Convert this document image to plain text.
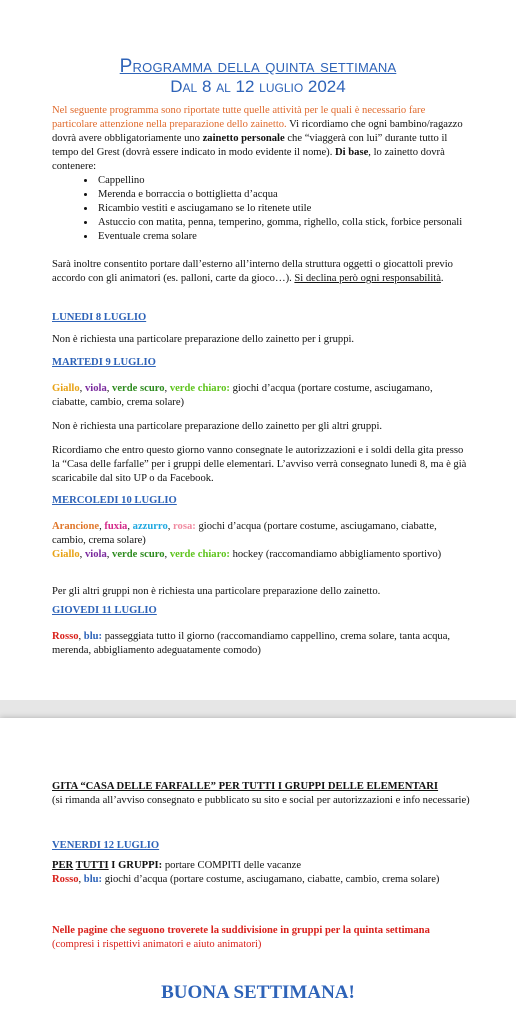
Programma della quinta settimana
Dal 8 al 12 luglio 2024
Nel seguente programma sono riportate tutte quelle attività per le quali è necessario fare particolare attenzione nella preparazione dello zainetto. Vi ricordiamo che ogni bambino/ragazzo dovrà avere obbligatoriamente uno zainetto personale che “viaggerà con lui” durante tutto il tempo del Grest (dovrà essere indicato in modo evidente il nome). Di base, lo zainetto dovrà contenere:
• Cappellino
• Merenda e borraccia o bottiglietta d’acqua
• Ricambio vestiti e asciugamano se lo ritenete utile
• Astuccio con matita, penna, temperino, gomma, righello, colla stick, forbice personali
• Eventuale crema solare
Sarà inoltre consentito portare dall’esterno all’interno della struttura oggetti o giocattoli previo accordo con gli animatori (es. palloni, carte da gioco…). Si declina però ogni responsabilità.
LUNEDI 8 LUGLIO
Non è richiesta una particolare preparazione dello zainetto per i gruppi.
MARTEDI 9 LUGLIO
Giallo, viola, verde scuro, verde chiaro: giochi d’acqua (portare costume, asciugamano, ciabatte, cambio, crema solare)
Non è richiesta una particolare preparazione dello zainetto per gli altri gruppi.
Ricordiamo che entro questo giorno vanno consegnate le autorizzazioni e i soldi della gita presso la “Casa delle farfalle” per i gruppi delle elementari. L’avviso verrà consegnato lunedì 8, ma è già scaricabile dal sito UP o da Facebook.
MERCOLEDI 10 LUGLIO
Arancione, fuxia, azzurro, rosa: giochi d’acqua (portare costume, asciugamano, ciabatte, cambio, crema solare)
Giallo, viola, verde scuro, verde chiaro: hockey (raccomandiamo abbigliamento sportivo)
Per gli altri gruppi non è richiesta una particolare preparazione dello zainetto.
GIOVEDI 11 LUGLIO
Rosso, blu: passeggiata tutto il giorno (raccomandiamo cappellino, crema solare, tanta acqua, merenda, abbigliamento adeguatamente comodo)
GITA “CASA DELLE FARFALLE” PER TUTTI I GRUPPI DELLE ELEMENTARI
(si rimanda all’avviso consegnato e pubblicato su sito e social per autorizzazioni e info necessarie)
VENERDI 12 LUGLIO
PER TUTTI I GRUPPI: portare COMPITI delle vacanze
Rosso, blu: giochi d’acqua (portare costume, asciugamano, ciabatte, cambio, crema solare)
Nelle pagine che seguono troverete la suddivisione in gruppi per la quinta settimana (compresi i rispettivi animatori e aiuto animatori)
BUONA SETTIMANA!
